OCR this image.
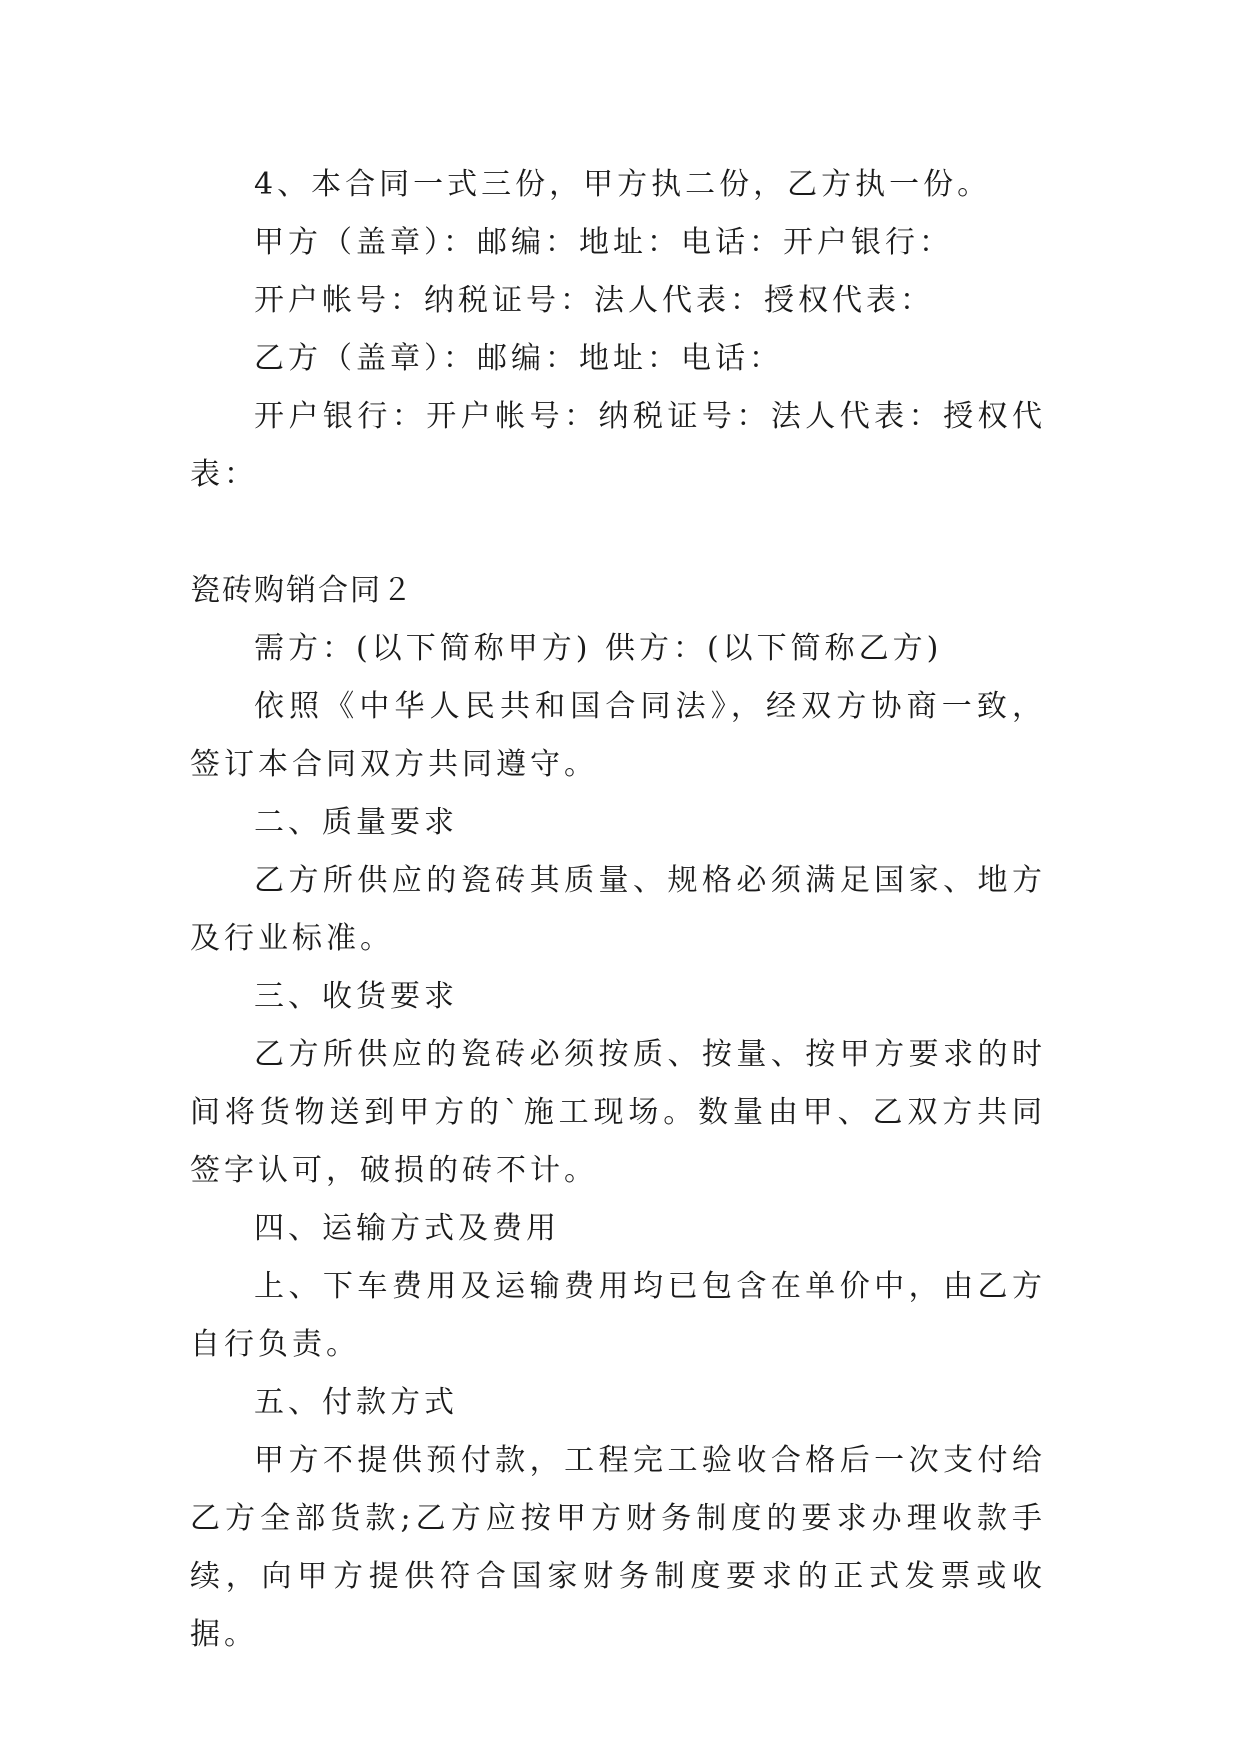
4、本合同一式三份，甲方执二份，乙方执一份。

甲方（盖章）：邮编：地址：电话：开户银行：

开户帐号：纳税证号：法人代表：授权代表：

乙方（盖章）：邮编：地址：电话：

开户银行：开户帐号：纳税证号：法人代表：授权代表：

瓷砖购销合同２

需方：(以下简称甲方) 供方：(以下简称乙方)

依照《中华人民共和国合同法》，经双方协商一致，签订本合同双方共同遵守。

二、质量要求

乙方所供应的瓷砖其质量、规格必须满足国家、地方及行业标准。

三、收货要求

乙方所供应的瓷砖必须按质、按量、按甲方要求的时间将货物送到甲方的`施工现场。数量由甲、乙双方共同签字认可，破损的砖不计。

四、运输方式及费用

上、下车费用及运输费用均已包含在单价中，由乙方自行负责。

五、付款方式

甲方不提供预付款，工程完工验收合格后一次支付给乙方全部货款;乙方应按甲方财务制度的要求办理收款手续，向甲方提供符合国家财务制度要求的正式发票或收据。
